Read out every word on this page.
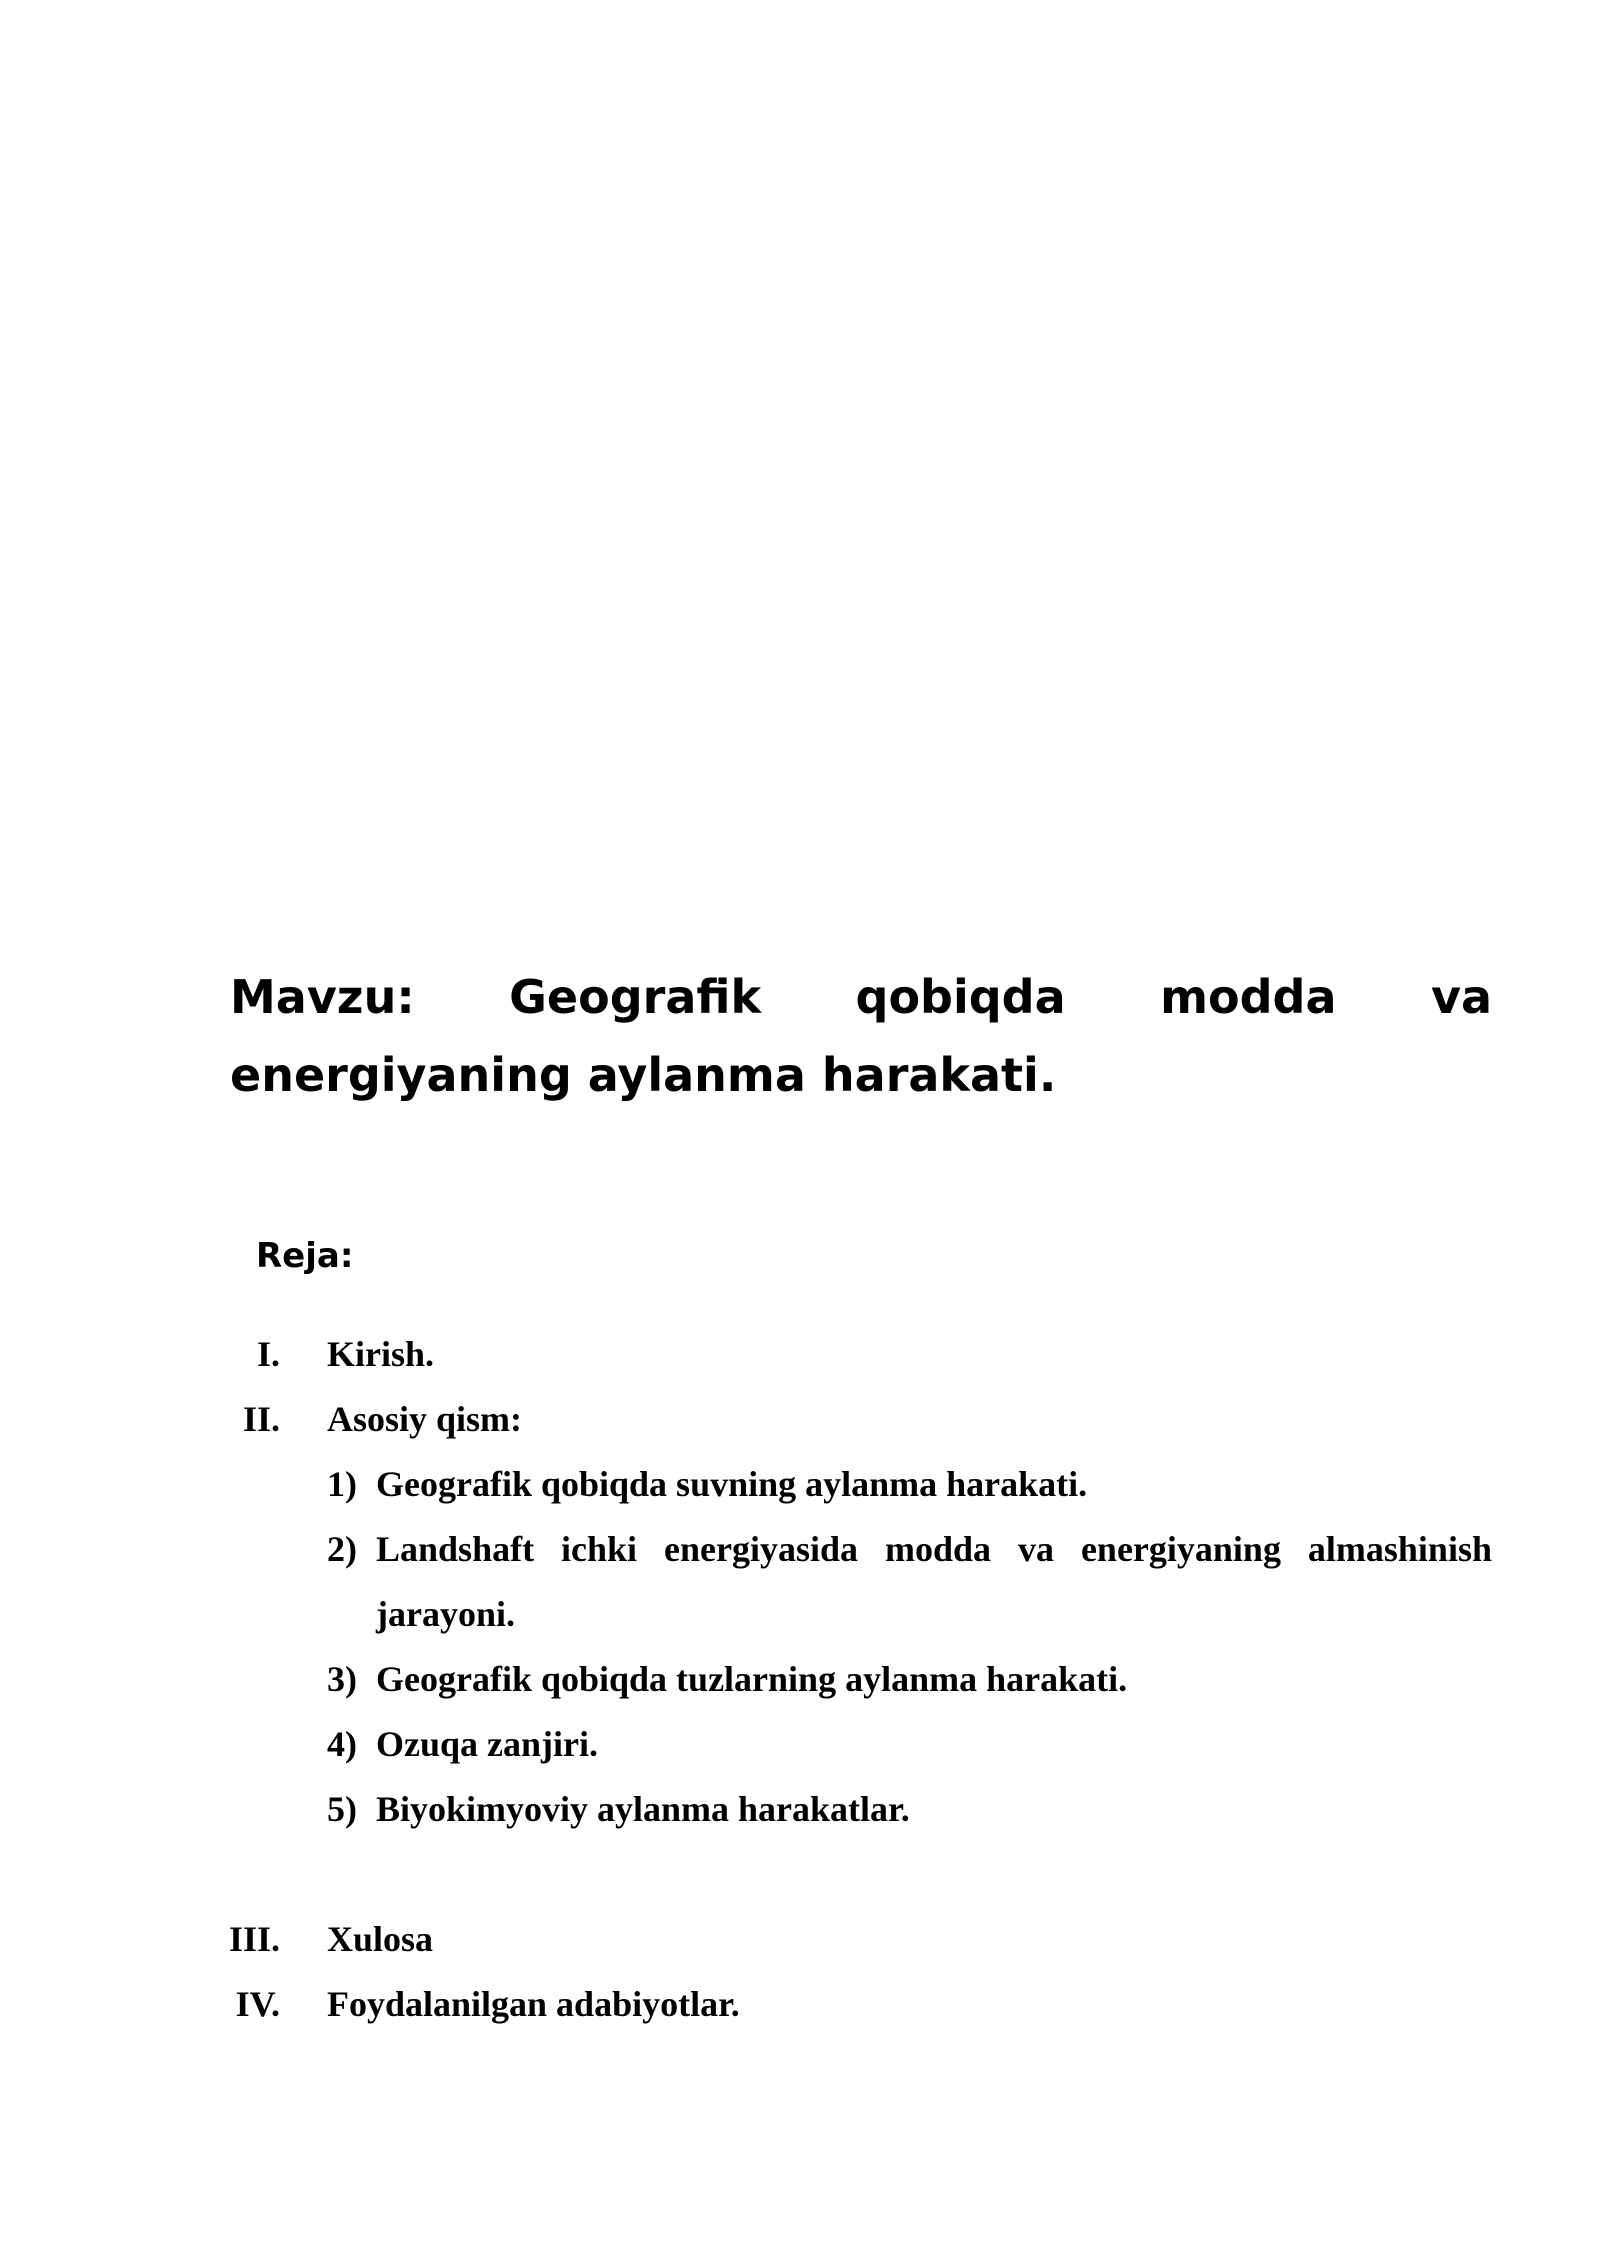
Mavzu: Geografik qobiqda modda va energiyaning aylanma harakati.
Reja:
I. Kirish.
II. Asosiy qism:
1) Geografik qobiqda suvning aylanma harakati.
2) Landshaft ichki energiyasida modda va energiyaning almashinish jarayoni.
3) Geografik qobiqda tuzlarning aylanma harakati.
4) Ozuqa zanjiri.
5) Biyokimyoviy aylanma harakatlar.
III. Xulosa
IV. Foydalanilgan adabiyotlar.
